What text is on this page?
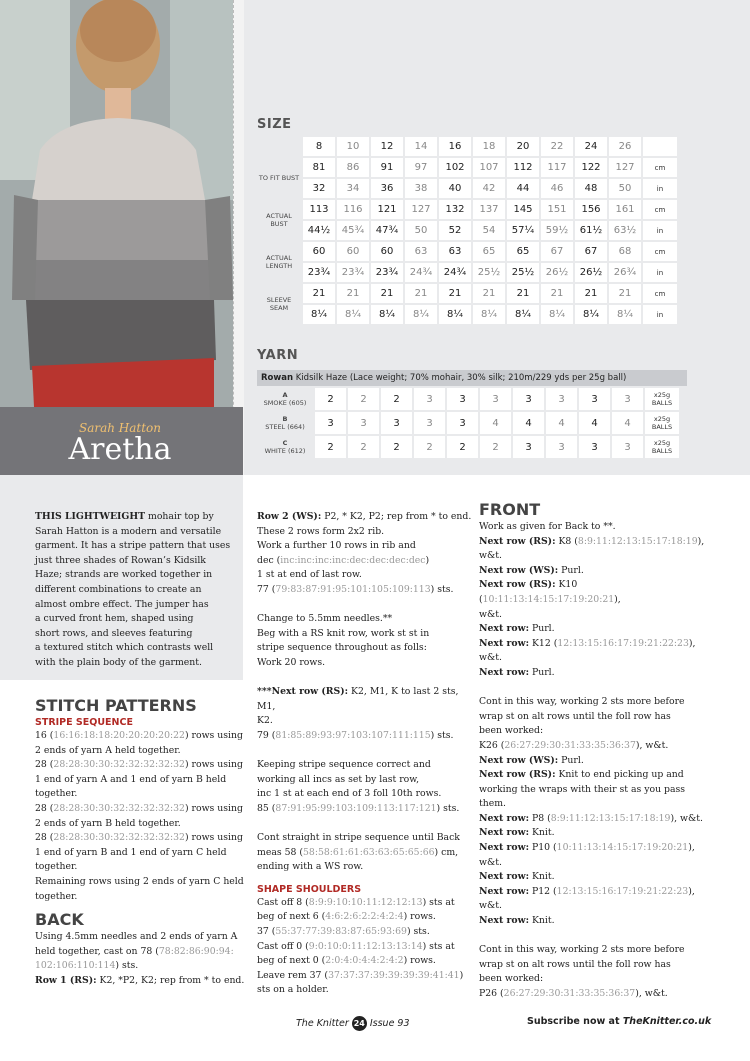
Sarah Hatton
Aretha
SIZE
	8	10	12	14	16	18	20	22	24	26	
TO FIT BUST	81	86	91	97	102	107	112	117	122	127	cm
	32	34	36	38	40	42	44	46	48	50	in
ACTUAL BUST	113	116	121	127	132	137	145	151	156	161	cm
	44½	45¾	47¾	50	52	54	57¼	59½	61½	63½	in
ACTUAL LENGTH	60	60	60	63	63	65	65	67	67	68	cm
	23¾	23¾	23¾	24¾	24¾	25½	25½	26½	26½	26¾	in
SLEEVE SEAM	21	21	21	21	21	21	21	21	21	21	cm
	8¼	8¼	8¼	8¼	8¼	8¼	8¼	8¼	8¼	8¼	in
YARN
Rowan Kidsilk Haze (Lace weight; 70% mohair, 30% silk; 210m/229 yds per 25g ball)
A
SMOKE (605)	2	2	2	3	3	3	3	3	3	3	x25g BALLS
B
STEEL (664)	3	3	3	3	3	4	4	4	4	4	x25g BALLS
C
WHITE (612)	2	2	2	2	2	2	3	3	3	3	x25g BALLS

THIS LIGHTWEIGHT mohair top by
Sarah Hatton is a modern and versatile
garment. It has a stripe pattern that uses
just three shades of Rowan’s Kidsilk
Haze; strands are worked together in
different combinations to create an
almost ombre effect. The jumper has
a curved front hem, shaped using
short rows, and sleeves featuring
a textured stitch which contrasts well
with the plain body of the garment.

STITCH PATTERNS
STRIPE SEQUENCE

16 (16:16:18:18:20:20:20:20:22) rows using
2 ends of yarn A held together.
28 (28:28:30:30:32:32:32:32:32) rows using
1 end of yarn A and 1 end of yarn B held
together.
28 (28:28:30:30:32:32:32:32:32) rows using
2 ends of yarn B held together.
28 (28:28:30:30:32:32:32:32:32) rows using
1 end of yarn B and 1 end of yarn C held
together.
Remaining rows using 2 ends of yarn C held
together.

BACK

Using 4.5mm needles and 2 ends of yarn A
held together, cast on 78 (78:82:86:90:94:
102:106:110:114) sts.
Row 1 (RS): K2, *P2, K2; rep from * to end.

Row 2 (WS): P2, * K2, P2; rep from * to end.
These 2 rows form 2x2 rib.
Work a further 10 rows in rib and
dec (inc:inc:inc:inc:dec:dec:dec:dec)
1 st at end of last row.
77 (79:83:87:91:95:101:105:109:113) sts.

Change to 5.5mm needles.**
Beg with a RS knit row, work st st in
stripe sequence throughout as folls:
Work 20 rows.

***Next row (RS): K2, M1, K to last 2 sts, M1,
K2.
79 (81:85:89:93:97:103:107:111:115) sts.

Keeping stripe sequence correct and
working all incs as set by last row,
inc 1 st at each end of 3 foll 10th rows.
85 (87:91:95:99:103:109:113:117:121) sts.

Cont straight in stripe sequence until Back
meas 58 (58:58:61:61:63:63:65:65:66) cm,
ending with a WS row.

SHAPE SHOULDERS

Cast off 8 (8:9:9:10:10:11:12:12:13) sts at
beg of next 6 (4:6:2:6:2:2:4:2:4) rows.
37 (55:37:77:39:83:87:65:93:69) sts.
Cast off 0 (9:0:10:0:11:12:13:13:14) sts at
beg of next 0 (2:0:4:0:4:4:2:4:2) rows.
Leave rem 37 (37:37:37:39:39:39:39:41:41)
sts on a holder.

FRONT

Work as given for Back to **.
Next row (RS): K8 (8:9:11:12:13:15:17:18:19),
w&t.
Next row (WS): Purl.
Next row (RS): K10 (10:11:13:14:15:17:19:20:21),
w&t.
Next row: Purl.
Next row: K12 (12:13:15:16:17:19:21:22:23),
w&t.
Next row: Purl.

Cont in this way, working 2 sts more before
wrap st on alt rows until the foll row has
been worked:
K26 (26:27:29:30:31:33:35:36:37), w&t.
Next row (WS): Purl.
Next row (RS): Knit to end picking up and
working the wraps with their st as you pass
them.
Next row: P8 (8:9:11:12:13:15:17:18:19), w&t.
Next row: Knit.
Next row: P10 (10:11:13:14:15:17:19:20:21),
w&t.
Next row: Knit.
Next row: P12 (12:13:15:16:17:19:21:22:23),
w&t.
Next row: Knit.

Cont in this way, working 2 sts more before
wrap st on alt rows until the foll row has
been worked:
P26 (26:27:29:30:31:33:35:36:37), w&t.

The Knitter 24 Issue 93	Subscribe now at TheKnitter.co.uk
